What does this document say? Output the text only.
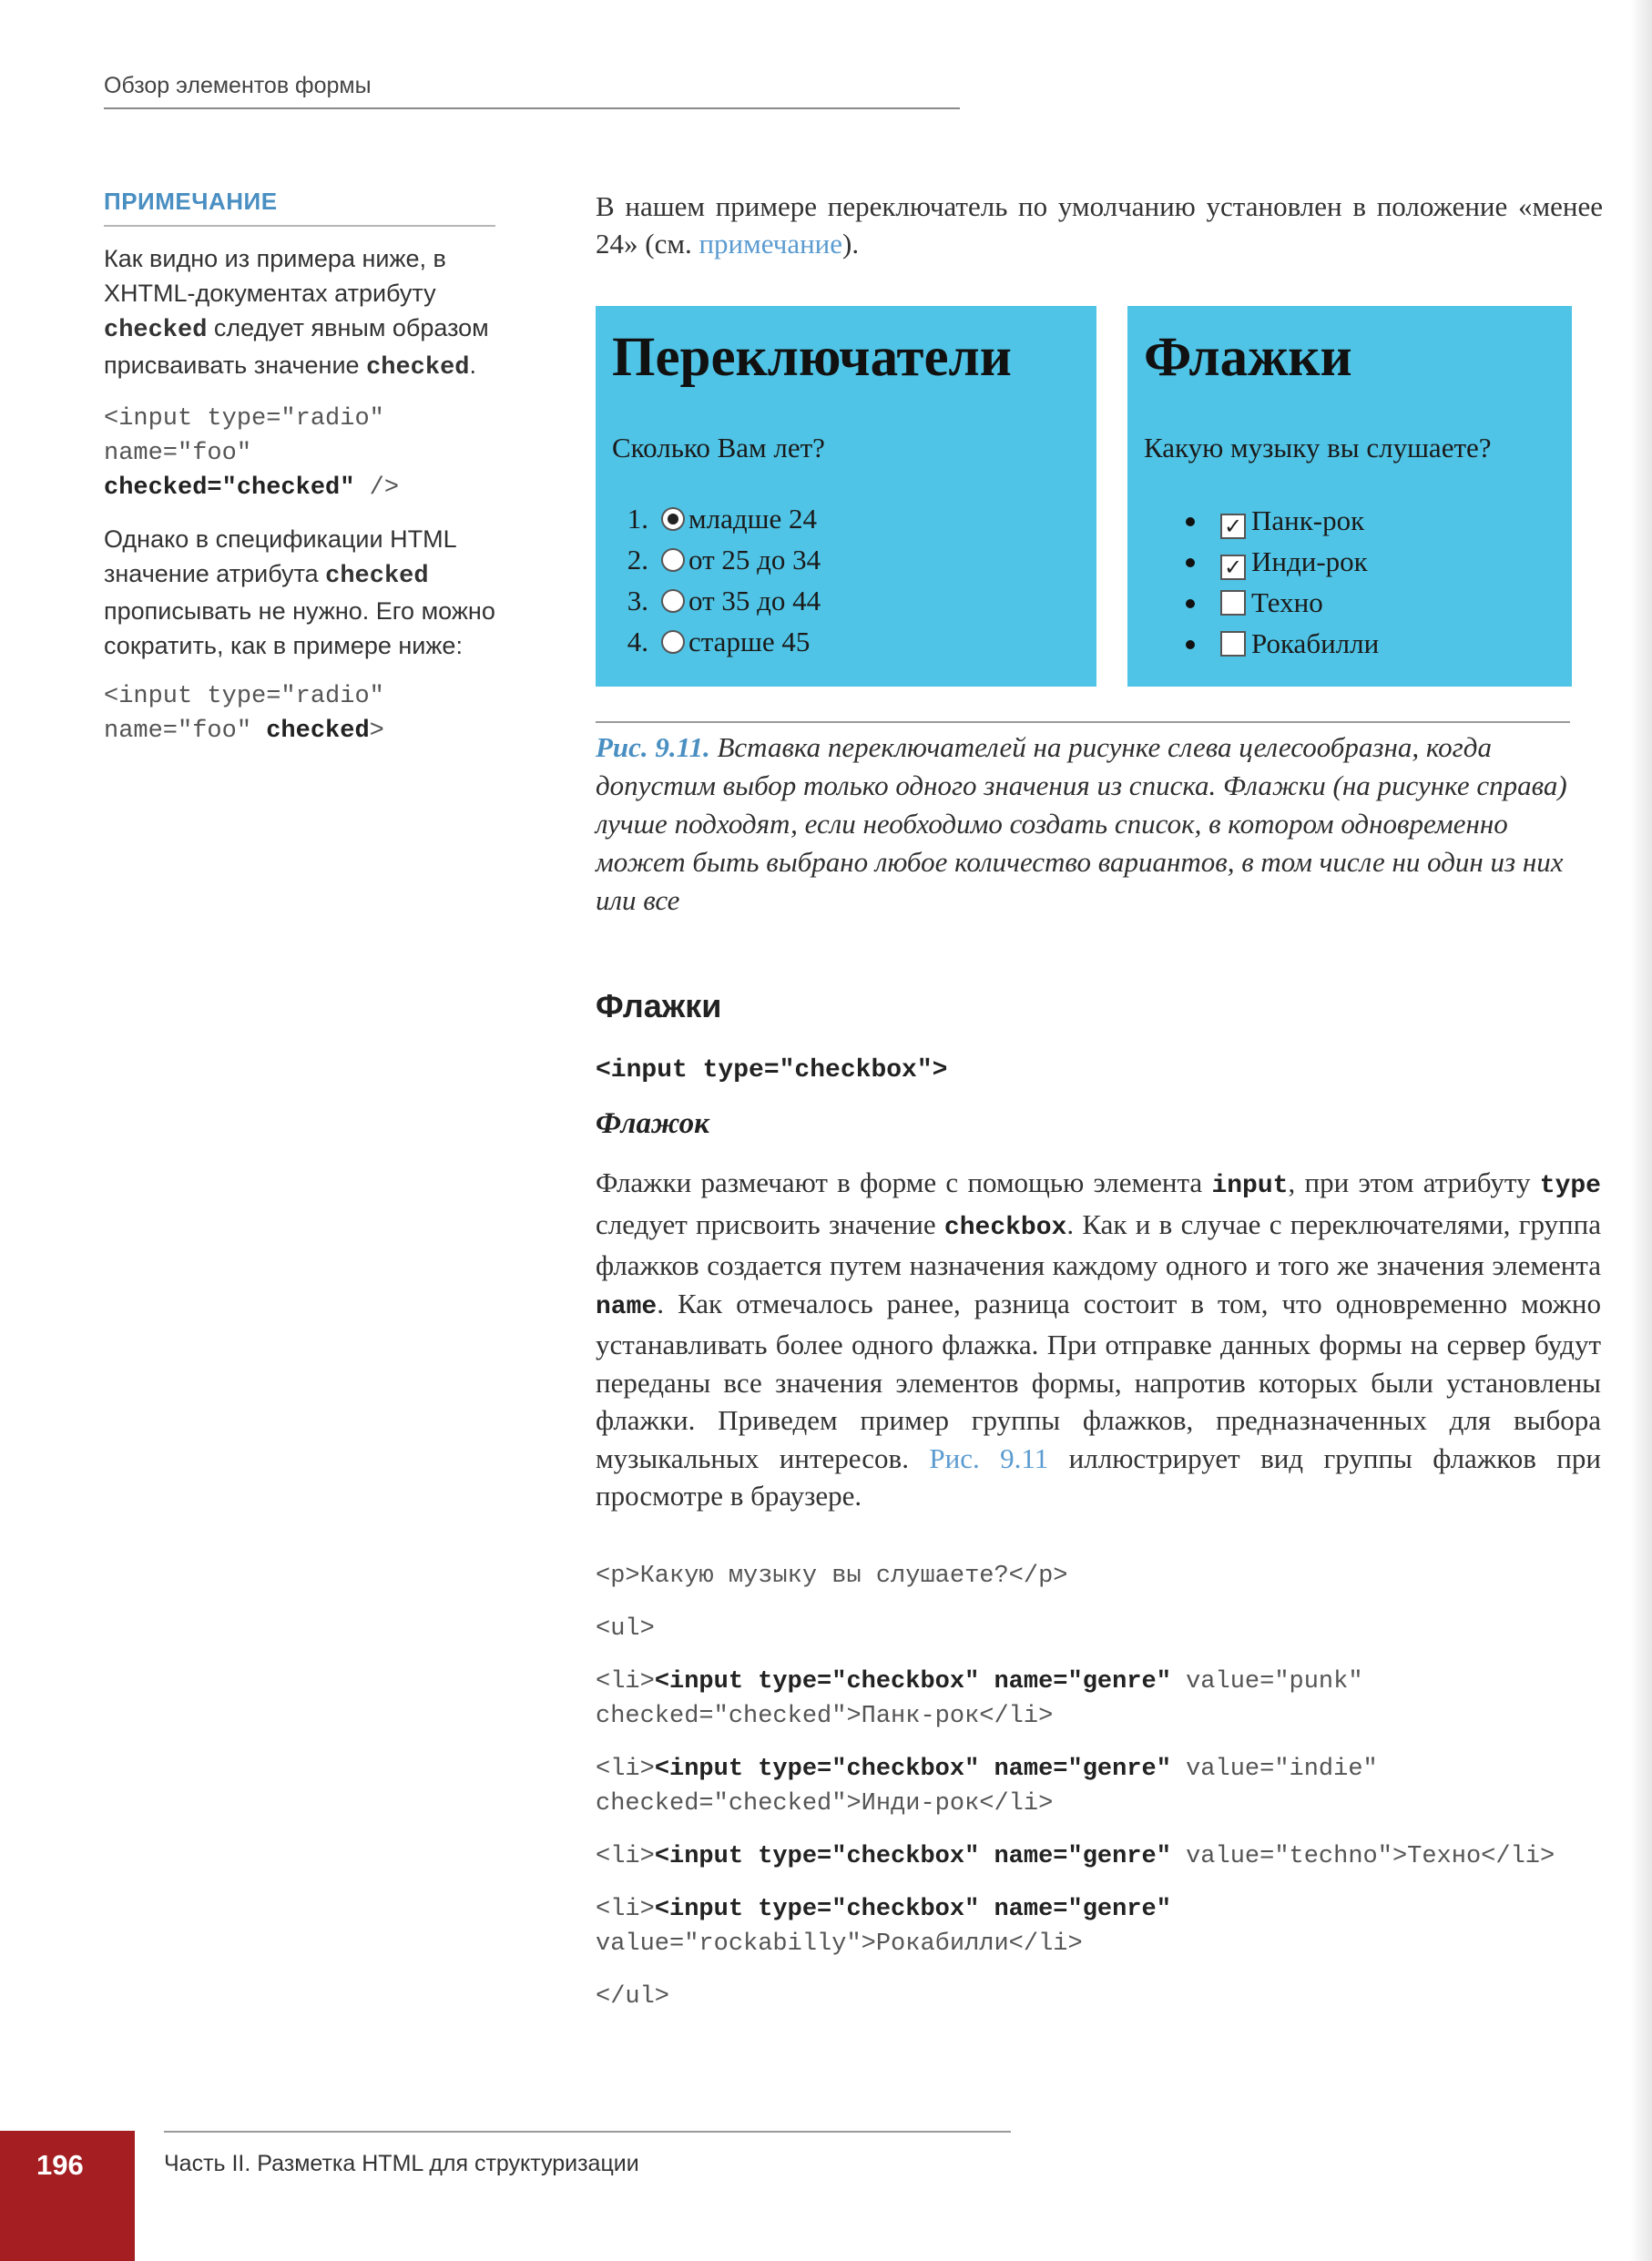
Обзор элементов формы
ПРИМЕЧАНИЕ

Как видно из примера ниже, в XHTML-документах атрибуту checked следует явным образом присваивать значение checked.

<input type="radio" name="foo"
checked="checked" />

Однако в спецификации HTML значение атрибута checked прописывать не нужно. Его можно сократить, как в примере ниже:

<input type="radio" name="foo" checked>

В нашем примере переключатель по умолчанию установлен в положение «менее 24» (см. примечание).

Переключатели
Сколько Вам лет?
1. младше 24
2. от 25 до 34
3. от 35 до 44
4. старше 45
Флажки
Какую музыку вы слушаете?
✓ Панк-рок
✓ Инди-рок
Техно
Рокабилли
Рис. 9.11. Вставка переключателей на рисунке слева целесообразна, когда допустим выбор только одного значения из списка. Флажки (на рисунке справа) лучше подходят, если необходимо создать список, в котором одновременно может быть выбрано любое количество вариантов, в том числе ни один из них или все
Флажки
<input type="checkbox">
Флажок

Флажки размечают в форме с помощью элемента input, при этом атрибуту type следует присвоить значение checkbox. Как и в случае с переключателями, группа флажков создается путем назначения каждому одного и того же значения элемента name. Как отмечалось ранее, разница состоит в том, что одновременно можно устанавливать более одного флажка. При отправке данных формы на сервер будут переданы все значения элементов формы, напротив которых были установлены флажки. Приведем пример группы флажков, предназначенных для выбора музыкальных интересов. Рис. 9.11 иллюстрирует вид группы флажков при просмотре в браузере.

<p>Какую музыку вы слушаете?</p>
<ul>
<li><input type="checkbox" name="genre" value="punk" checked="checked">Панк-рок</li>
<li><input type="checkbox" name="genre" value="indie" checked="checked">Инди-рок</li>
<li><input type="checkbox" name="genre" value="techno">Техно</li>
<li><input type="checkbox" name="genre" value="rockabilly">Рокабилли</li>
</ul>
196	Часть II. Разметка HTML для структуризации
